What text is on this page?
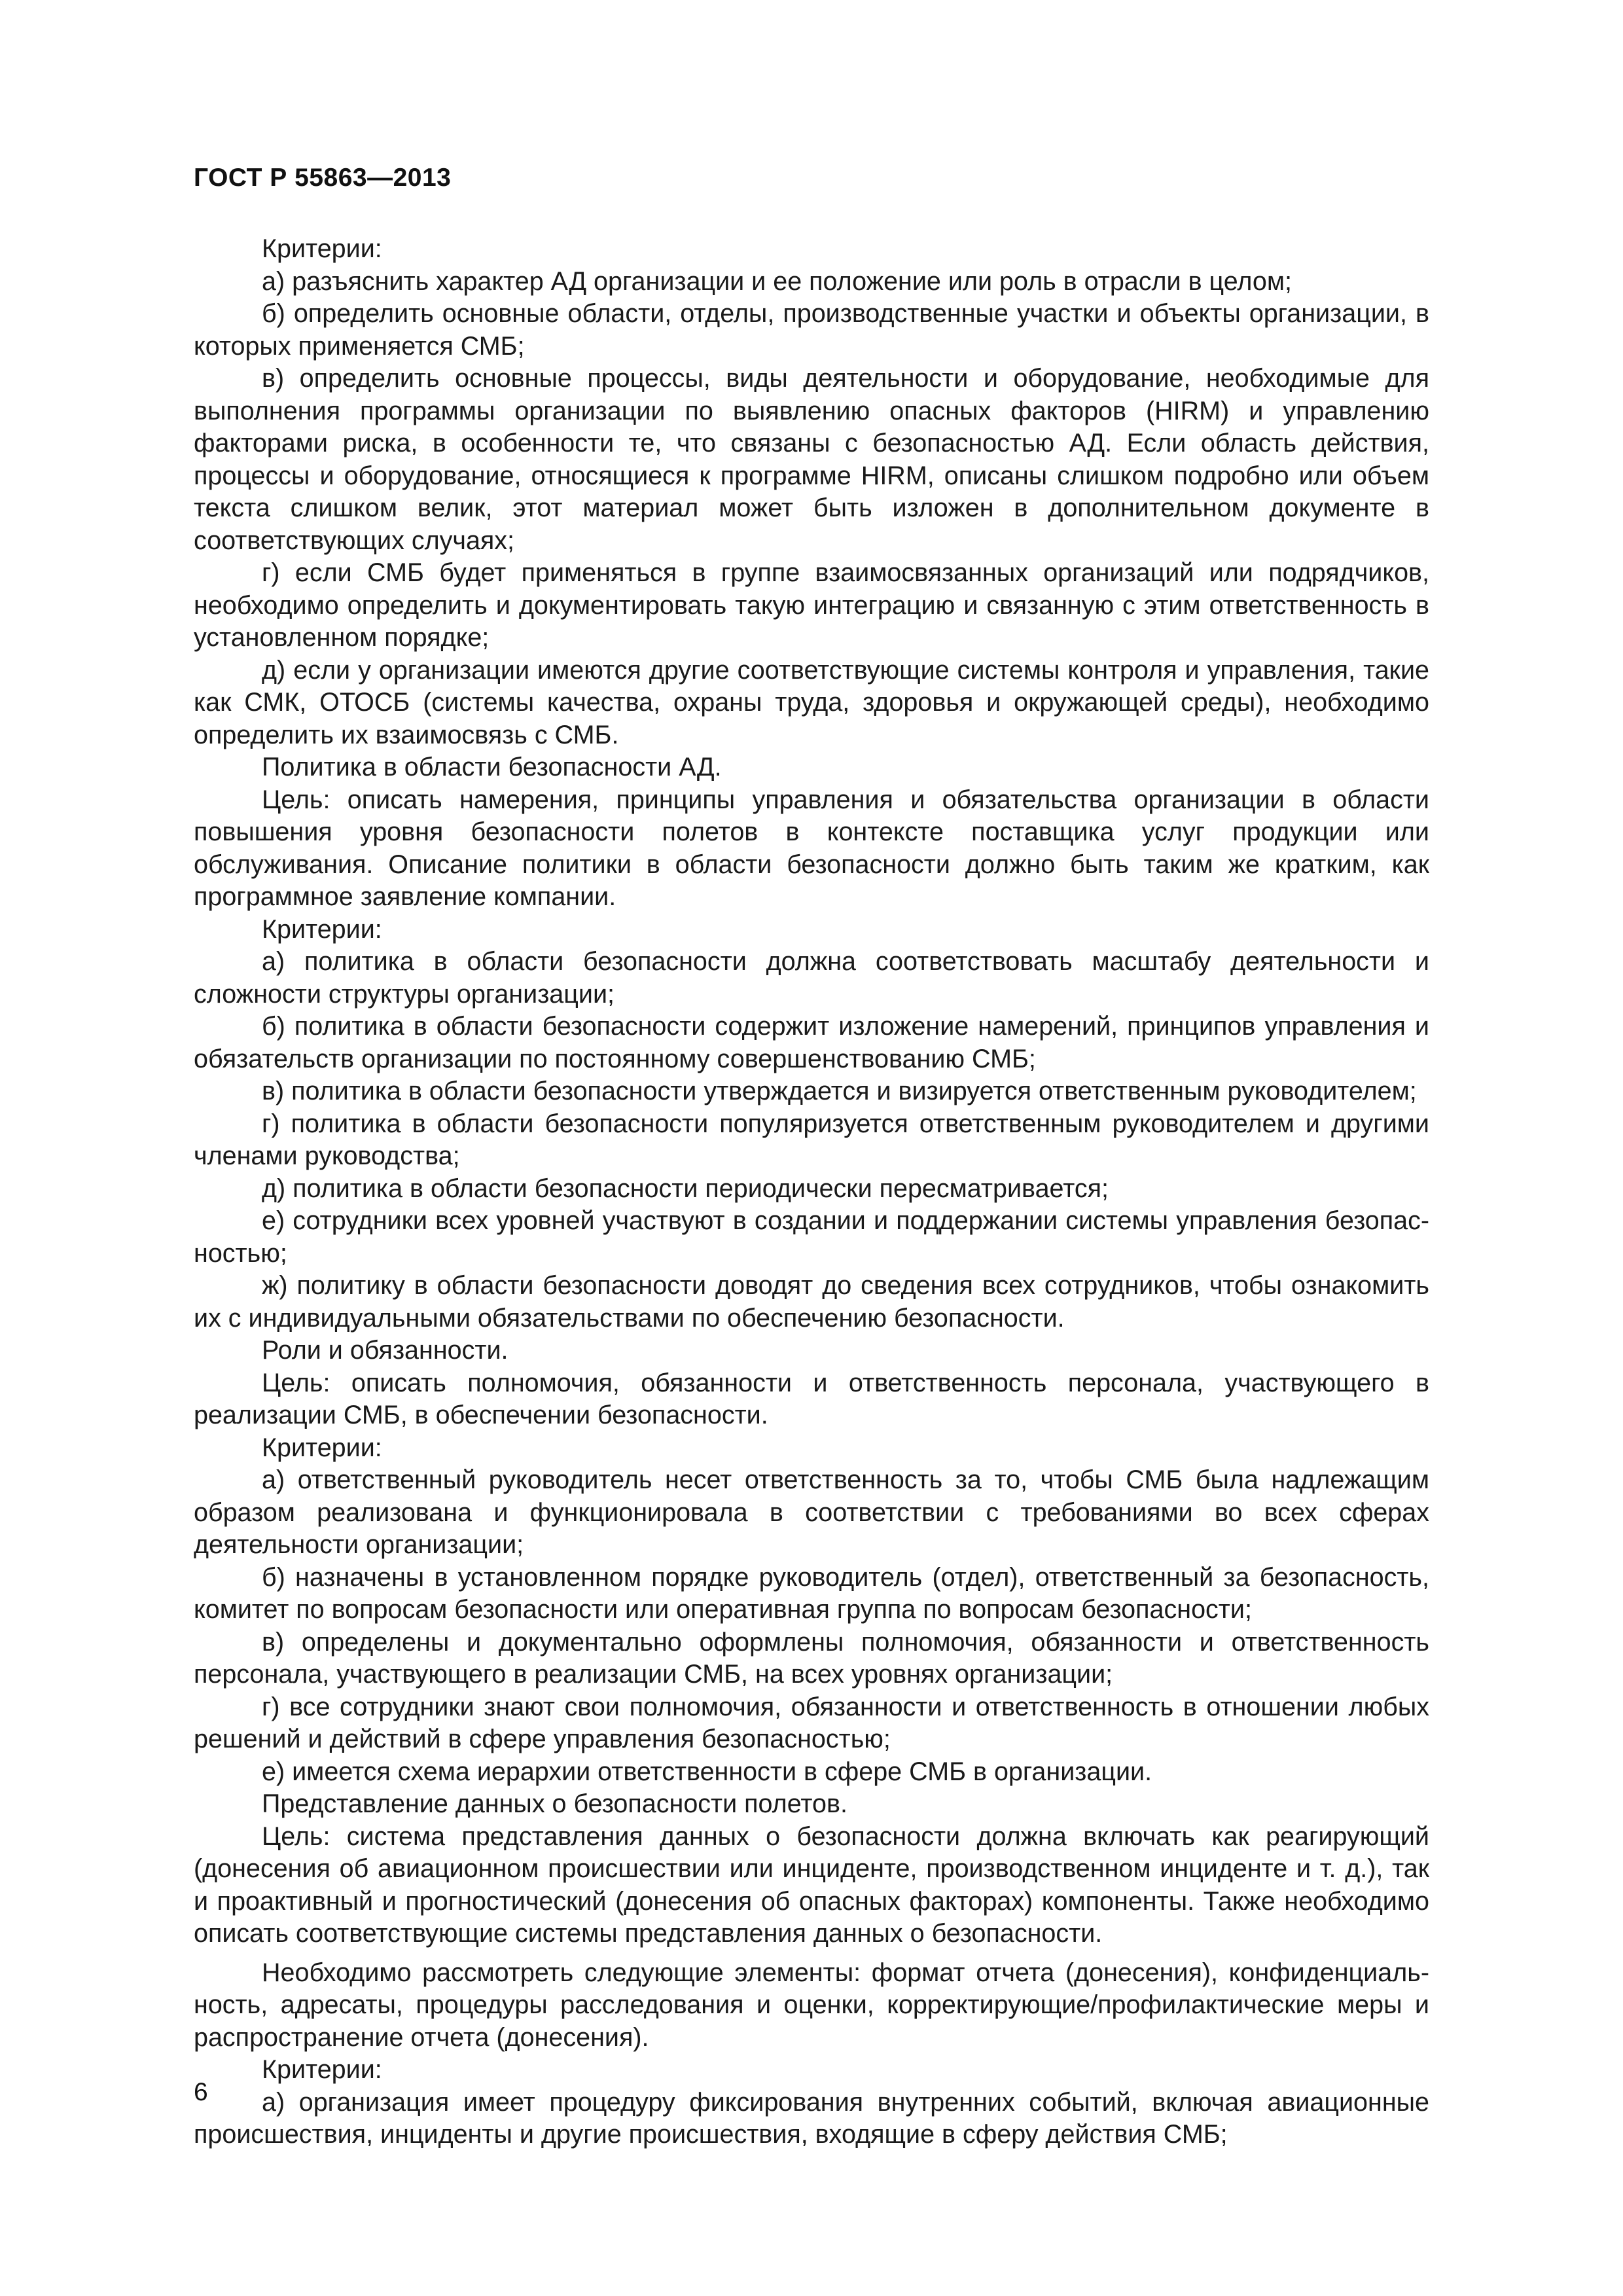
ГОСТ Р 55863—2013

Критерии:

а) разъяснить характер АД организации и ее положение или роль в отрасли в целом;

б) определить основные области, отделы, производственные участки и объекты организации, в которых применяется СМБ;

в) определить основные процессы, виды деятельности и оборудование, необходимые для выполнения программы организации по выявлению опасных факторов (HIRM) и управлению факторами риска, в особенности те, что связаны с безопасностью АД. Если область действия, процессы и оборудование, относящиеся к программе HIRM, описаны слишком подробно или объем текста слишком велик, этот материал может быть изложен в дополнительном документе в соответствующих случаях;

г) если СМБ будет применяться в группе взаимосвязанных организаций или подрядчиков, необходимо определить и документировать такую интеграцию и связанную с этим ответственность в установленном порядке;

д) если у организации имеются другие соответствующие системы контроля и управления, такие как СМК, ОТОСБ (системы качества, охраны труда, здоровья и окружающей среды), необходимо определить их взаимосвязь с СМБ.

Политика в области безопасности АД.

Цель: описать намерения, принципы управления и обязательства организации в области повышения уровня безопасности полетов в контексте поставщика услуг продукции или обслуживания. Описание политики в области безопасности должно быть таким же кратким, как программное заявление компании.

Критерии:

а) политика в области безопасности должна соответствовать масштабу деятельности и сложности структуры организации;

б) политика в области безопасности содержит изложение намерений, принципов управления и обязательств организации по постоянному совершенствованию СМБ;

в) политика в области безопасности утверждается и визируется ответственным руководителем;

г) политика в области безопасности популяризуется ответственным руководителем и другими членами руководства;

д) политика в области безопасности периодически пересматривается;

е) сотрудники всех уровней участвуют в создании и поддержании системы управления безопасностью;

ж) политику в области безопасности доводят до сведения всех сотрудников, чтобы ознакомить их с индивидуальными обязательствами по обеспечению безопасности.

Роли и обязанности.

Цель: описать полномочия, обязанности и ответственность персонала, участвующего в реализации СМБ, в обеспечении безопасности.

Критерии:

а) ответственный руководитель несет ответственность за то, чтобы СМБ была надлежащим образом реализована и функционировала в соответствии с требованиями во всех сферах деятельности организации;

б) назначены в установленном порядке руководитель (отдел), ответственный за безопасность, комитет по вопросам безопасности или оперативная группа по вопросам безопасности;

в) определены и документально оформлены полномочия, обязанности и ответственность персонала, участвующего в реализации СМБ, на всех уровнях организации;

г) все сотрудники знают свои полномочия, обязанности и ответственность в отношении любых решений и действий в сфере управления безопасностью;

е) имеется схема иерархии ответственности в сфере СМБ в организации.

Представление данных о безопасности полетов.

Цель: система представления данных о безопасности должна включать как реагирующий (донесения об авиационном происшествии или инциденте, производственном инциденте и т. д.), так и проактивный и прогностический (донесения об опасных факторах) компоненты. Также необходимо описать соответствующие системы представления данных о безопасности.

Необходимо рассмотреть следующие элементы: формат отчета (донесения), конфиденциальность, адресаты, процедуры расследования и оценки, корректирующие/профилактические меры и распространение отчета (донесения).

Критерии:

а) организация имеет процедуру фиксирования внутренних событий, включая авиационные происшествия, инциденты и другие происшествия, входящие в сферу действия СМБ;

6
